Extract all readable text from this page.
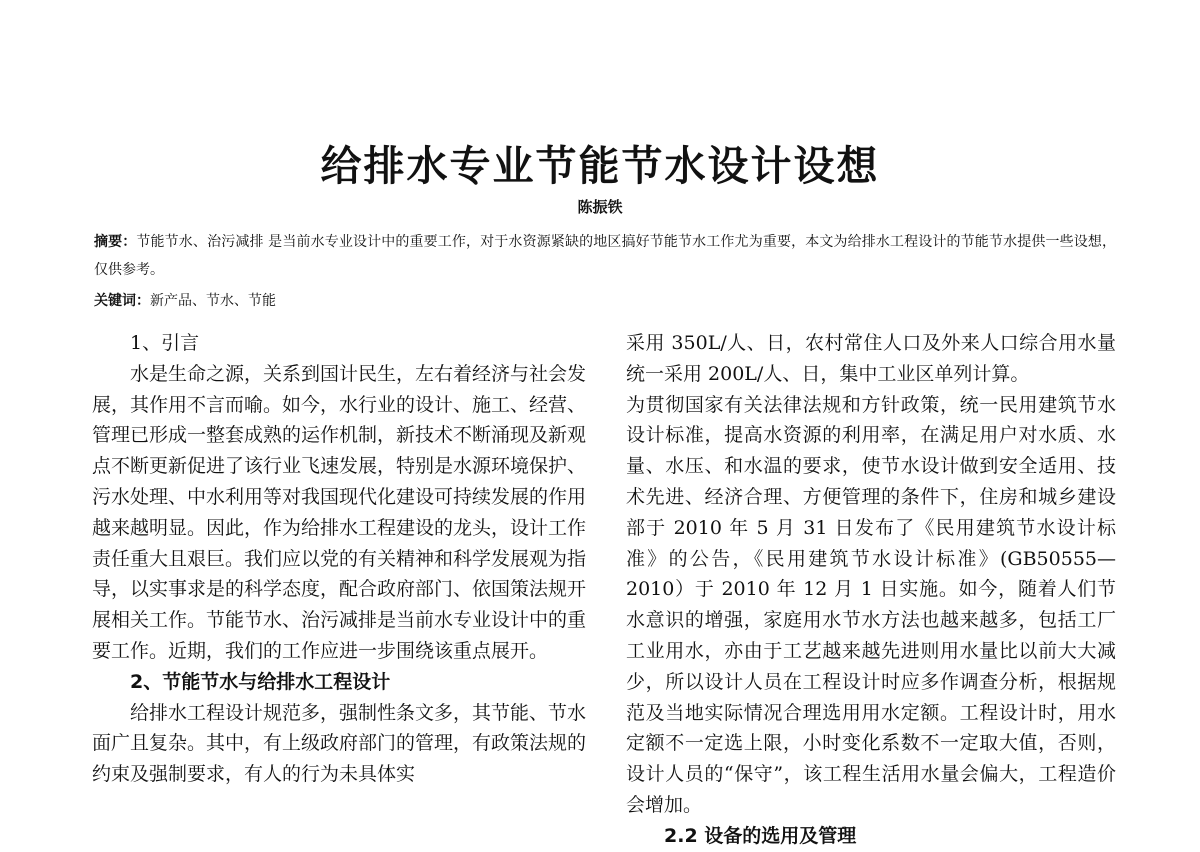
给排水专业节能节水设计设想
陈振铁

摘要：节能节水、治污减排 是当前水专业设计中的重要工作，对于水资源紧缺的地区搞好节能节水工作尤为重要，本文为给排水工程设计的节能节水提供一些设想，仅供参考。

关键词：新产品、节水、节能

1、引言

水是生命之源，关系到国计民生，左右着经济与社会发展，其作用不言而喻。如今，水行业的设计、施工、经营、管理已形成一整套成熟的运作机制，新技术不断涌现及新观点不断更新促进了该行业飞速发展，特别是水源环境保护、污水处理、中水利用等对我国现代化建设可持续发展的作用越来越明显。因此，作为给排水工程建设的龙头，设计工作责任重大且艰巨。我们应以党的有关精神和科学发展观为指导，以实事求是的科学态度，配合政府部门、依国策法规开展相关工作。节能节水、治污减排是当前水专业设计中的重要工作。近期，我们的工作应进一步围绕该重点展开。

2、节能节水与给排水工程设计

给排水工程设计规范多，强制性条文多，其节能、节水面广且复杂。其中，有上级政府部门的管理，有政策法规的约束及强制要求，有人的行为未具体实

采用 350L/人、日，农村常住人口及外来人口综合用水量统一采用 200L/人、日，集中工业区单列计算。

为贯彻国家有关法律法规和方针政策，统一民用建筑节水设计标准，提高水资源的利用率，在满足用户对水质、水量、水压、和水温的要求，使节水设计做到安全适用、技术先进、经济合理、方便管理的条件下，住房和城乡建设部于 2010 年 5 月 31 日发布了《民用建筑节水设计标准》的公告，《民用建筑节水设计标准》(GB50555—2010）于 2010 年 12 月 1 日实施。如今，随着人们节水意识的增强，家庭用水节水方法也越来越多，包括工厂工业用水，亦由于工艺越来越先进则用水量比以前大大减少，所以设计人员在工程设计时应多作调查分析，根据规范及当地实际情况合理选用用水定额。工程设计时，用水定额不一定选上限，小时变化系数不一定取大值，否则，设计人员的“保守”，该工程生活用水量会偏大，工程造价会增加。

2.2 设备的选用及管理
